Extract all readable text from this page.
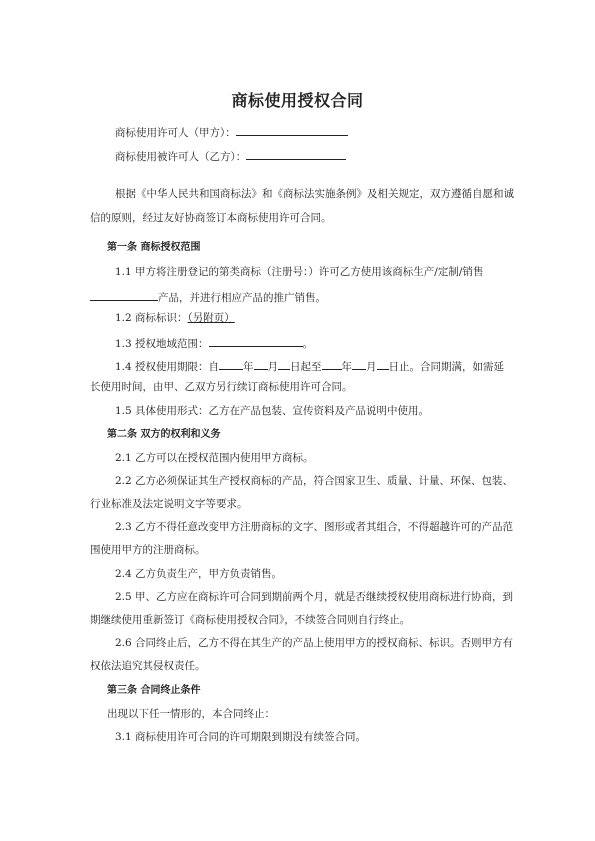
商标使用授权合同
商标使用许可人（甲方）：
商标使用被许可人（乙方）：
根据《中华人民共和国商标法》和《商标法实施条例》及相关规定，双方遵循自愿和诚
信的原则，经过友好协商签订本商标使用许可合同。
第一条 商标授权范围
1.1 甲方将注册登记的第类商标（注册号：）许可乙方使用该商标生产/定制/销售
产品，并进行相应产品的推广销售。
1.2 商标标识：（另附页）
1.3 授权地域范围：	。
1.4 授权使用期限：自 年 月 日起至 年 月 日止。合同期满，如需延
长使用时间，由甲、乙双方另行续订商标使用许可合同。
1.5 具体使用形式：乙方在产品包装、宣传资料及产品说明中使用。
第二条 双方的权利和义务
2.1 乙方可以在授权范围内使用甲方商标。
2.2 乙方必须保证其生产授权商标的产品，符合国家卫生、质量、计量、环保、包装、
行业标准及法定说明文字等要求。
2.3 乙方不得任意改变甲方注册商标的文字、图形或者其组合，不得超越许可的产品范
围使用甲方的注册商标。
2.4 乙方负责生产，甲方负责销售。
2.5 甲、乙方应在商标许可合同到期前两个月，就是否继续授权使用商标进行协商，到
期继续使用重新签订《商标使用授权合同》，不续签合同则自行终止。
2.6 合同终止后，乙方不得在其生产的产品上使用甲方的授权商标、标识。否则甲方有
权依法追究其侵权责任。
第三条 合同终止条件
出现以下任一情形的，本合同终止：
3.1 商标使用许可合同的许可期限到期没有续签合同。
